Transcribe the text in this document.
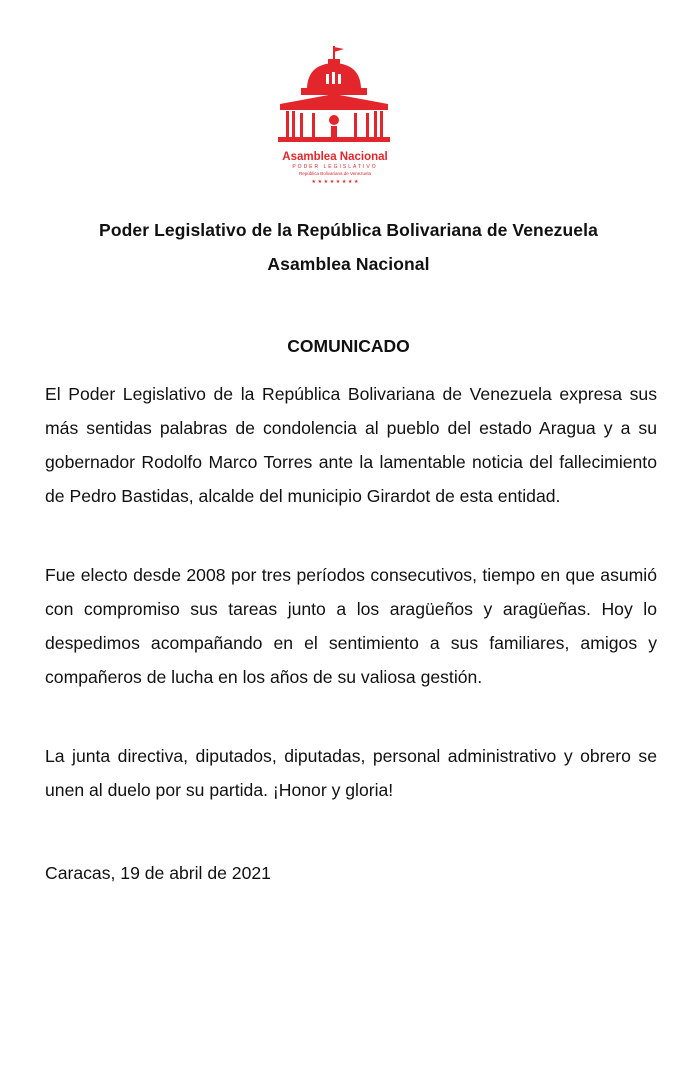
Asamblea Nacional
PODER LEGISLATIVO
República Bolivariana de Venezuela
★ ★ ★ ★ ★ ★ ★ ★
Poder Legislativo de la República Bolivariana de Venezuela
Asamblea Nacional
COMUNICADO
El Poder Legislativo de la República Bolivariana de Venezuela expresa sus más sentidas palabras de condolencia al pueblo del estado Aragua y a su gobernador Rodolfo Marco Torres ante la lamentable noticia del fallecimiento de Pedro Bastidas, alcalde del municipio Girardot de esta entidad.
Fue electo desde 2008 por tres períodos consecutivos, tiempo en que asumió con compromiso sus tareas junto a los aragüeños y aragüeñas. Hoy lo despedimos acompañando en el sentimiento a sus familiares, amigos y compañeros de lucha en los años de su valiosa gestión.
La junta directiva, diputados, diputadas, personal administrativo y obrero se unen al duelo por su partida. ¡Honor y gloria!
Caracas, 19 de abril de 2021
